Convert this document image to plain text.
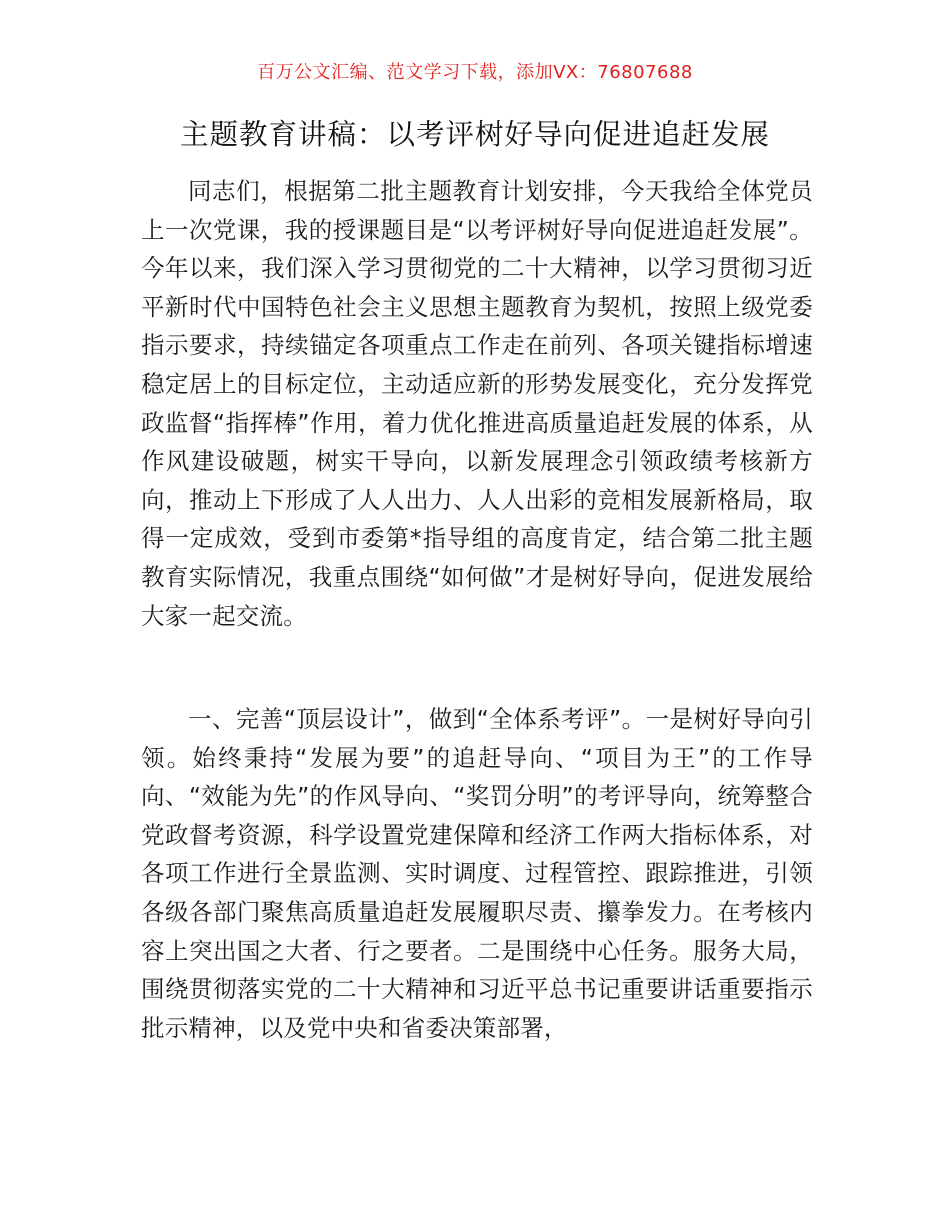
百万公文汇编、范文学习下载，添加VX：76807688
主题教育讲稿：以考评树好导向促进追赶发展

同志们，根据第二批主题教育计划安排，今天我给全体党员上一次党课，我的授课题目是“以考评树好导向促进追赶发展”。今年以来，我们深入学习贯彻党的二十大精神，以学习贯彻习近平新时代中国特色社会主义思想主题教育为契机，按照上级党委指示要求，持续锚定各项重点工作走在前列、各项关键指标增速稳定居上的目标定位，主动适应新的形势发展变化，充分发挥党政监督“指挥棒”作用，着力优化推进高质量追赶发展的体系，从作风建设破题，树实干导向，以新发展理念引领政绩考核新方向，推动上下形成了人人出力、人人出彩的竞相发展新格局，取得一定成效，受到市委第*指导组的高度肯定，结合第二批主题教育实际情况，我重点围绕“如何做”才是树好导向，促进发展给大家一起交流。

一、完善“顶层设计”，做到“全体系考评”。一是树好导向引领。始终秉持“发展为要”的追赶导向、“项目为王”的工作导向、“效能为先”的作风导向、“奖罚分明”的考评导向，统筹整合党政督考资源，科学设置党建保障和经济工作两大指标体系，对各项工作进行全景监测、实时调度、过程管控、跟踪推进，引领各级各部门聚焦高质量追赶发展履职尽责、攥拳发力。在考核内容上突出国之大者、行之要者。二是围绕中心任务。服务大局，围绕贯彻落实党的二十大精神和习近平总书记重要讲话重要指示批示精神，以及党中央和省委决策部署，
